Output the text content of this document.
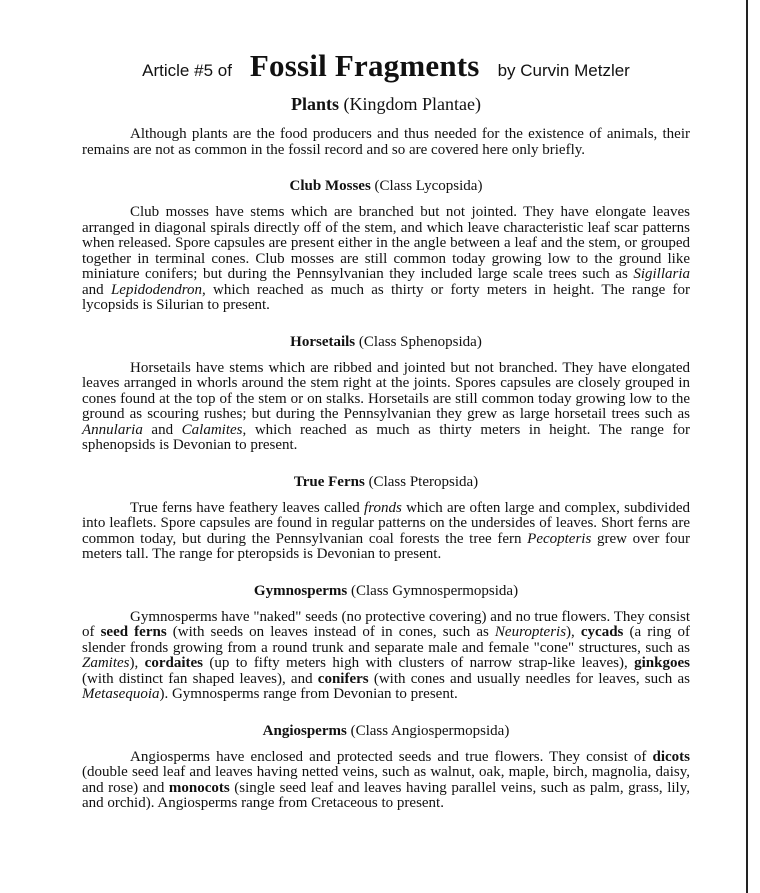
Article #5 of Fossil Fragments by Curvin Metzler
Plants (Kingdom Plantae)

Although plants are the food producers and thus needed for the existence of animals, their remains are not as common in the fossil record and so are covered here only briefly.

Club Mosses (Class Lycopsida)

Club mosses have stems which are branched but not jointed. They have elongate leaves arranged in diagonal spirals directly off of the stem, and which leave characteristic leaf scar patterns when released. Spore capsules are present either in the angle between a leaf and the stem, or grouped together in terminal cones. Club mosses are still common today growing low to the ground like miniature conifers; but during the Pennsylvanian they included large scale trees such as Sigillaria and Lepidodendron, which reached as much as thirty or forty meters in height. The range for lycopsids is Silurian to present.

Horsetails (Class Sphenopsida)

Horsetails have stems which are ribbed and jointed but not branched. They have elongated leaves arranged in whorls around the stem right at the joints. Spores capsules are closely grouped in cones found at the top of the stem or on stalks. Horsetails are still common today growing low to the ground as scouring rushes; but during the Pennsylvanian they grew as large horsetail trees such as Annularia and Calamites, which reached as much as thirty meters in height. The range for sphenopsids is Devonian to present.

True Ferns (Class Pteropsida)

True ferns have feathery leaves called fronds which are often large and complex, subdivided into leaflets. Spore capsules are found in regular patterns on the undersides of leaves. Short ferns are common today, but during the Pennsylvanian coal forests the tree fern Pecopteris grew over four meters tall. The range for pteropsids is Devonian to present.

Gymnosperms (Class Gymnospermopsida)

Gymnosperms have "naked" seeds (no protective covering) and no true flowers. They consist of seed ferns (with seeds on leaves instead of in cones, such as Neuropteris), cycads (a ring of slender fronds growing from a round trunk and separate male and female "cone" structures, such as Zamites), cordaites (up to fifty meters high with clusters of narrow strap-like leaves), ginkgoes (with distinct fan shaped leaves), and conifers (with cones and usually needles for leaves, such as Metasequoia). Gymnosperms range from Devonian to present.

Angiosperms (Class Angiospermopsida)

Angiosperms have enclosed and protected seeds and true flowers. They consist of dicots (double seed leaf and leaves having netted veins, such as walnut, oak, maple, birch, magnolia, daisy, and rose) and monocots (single seed leaf and leaves having parallel veins, such as palm, grass, lily, and orchid). Angiosperms range from Cretaceous to present.
